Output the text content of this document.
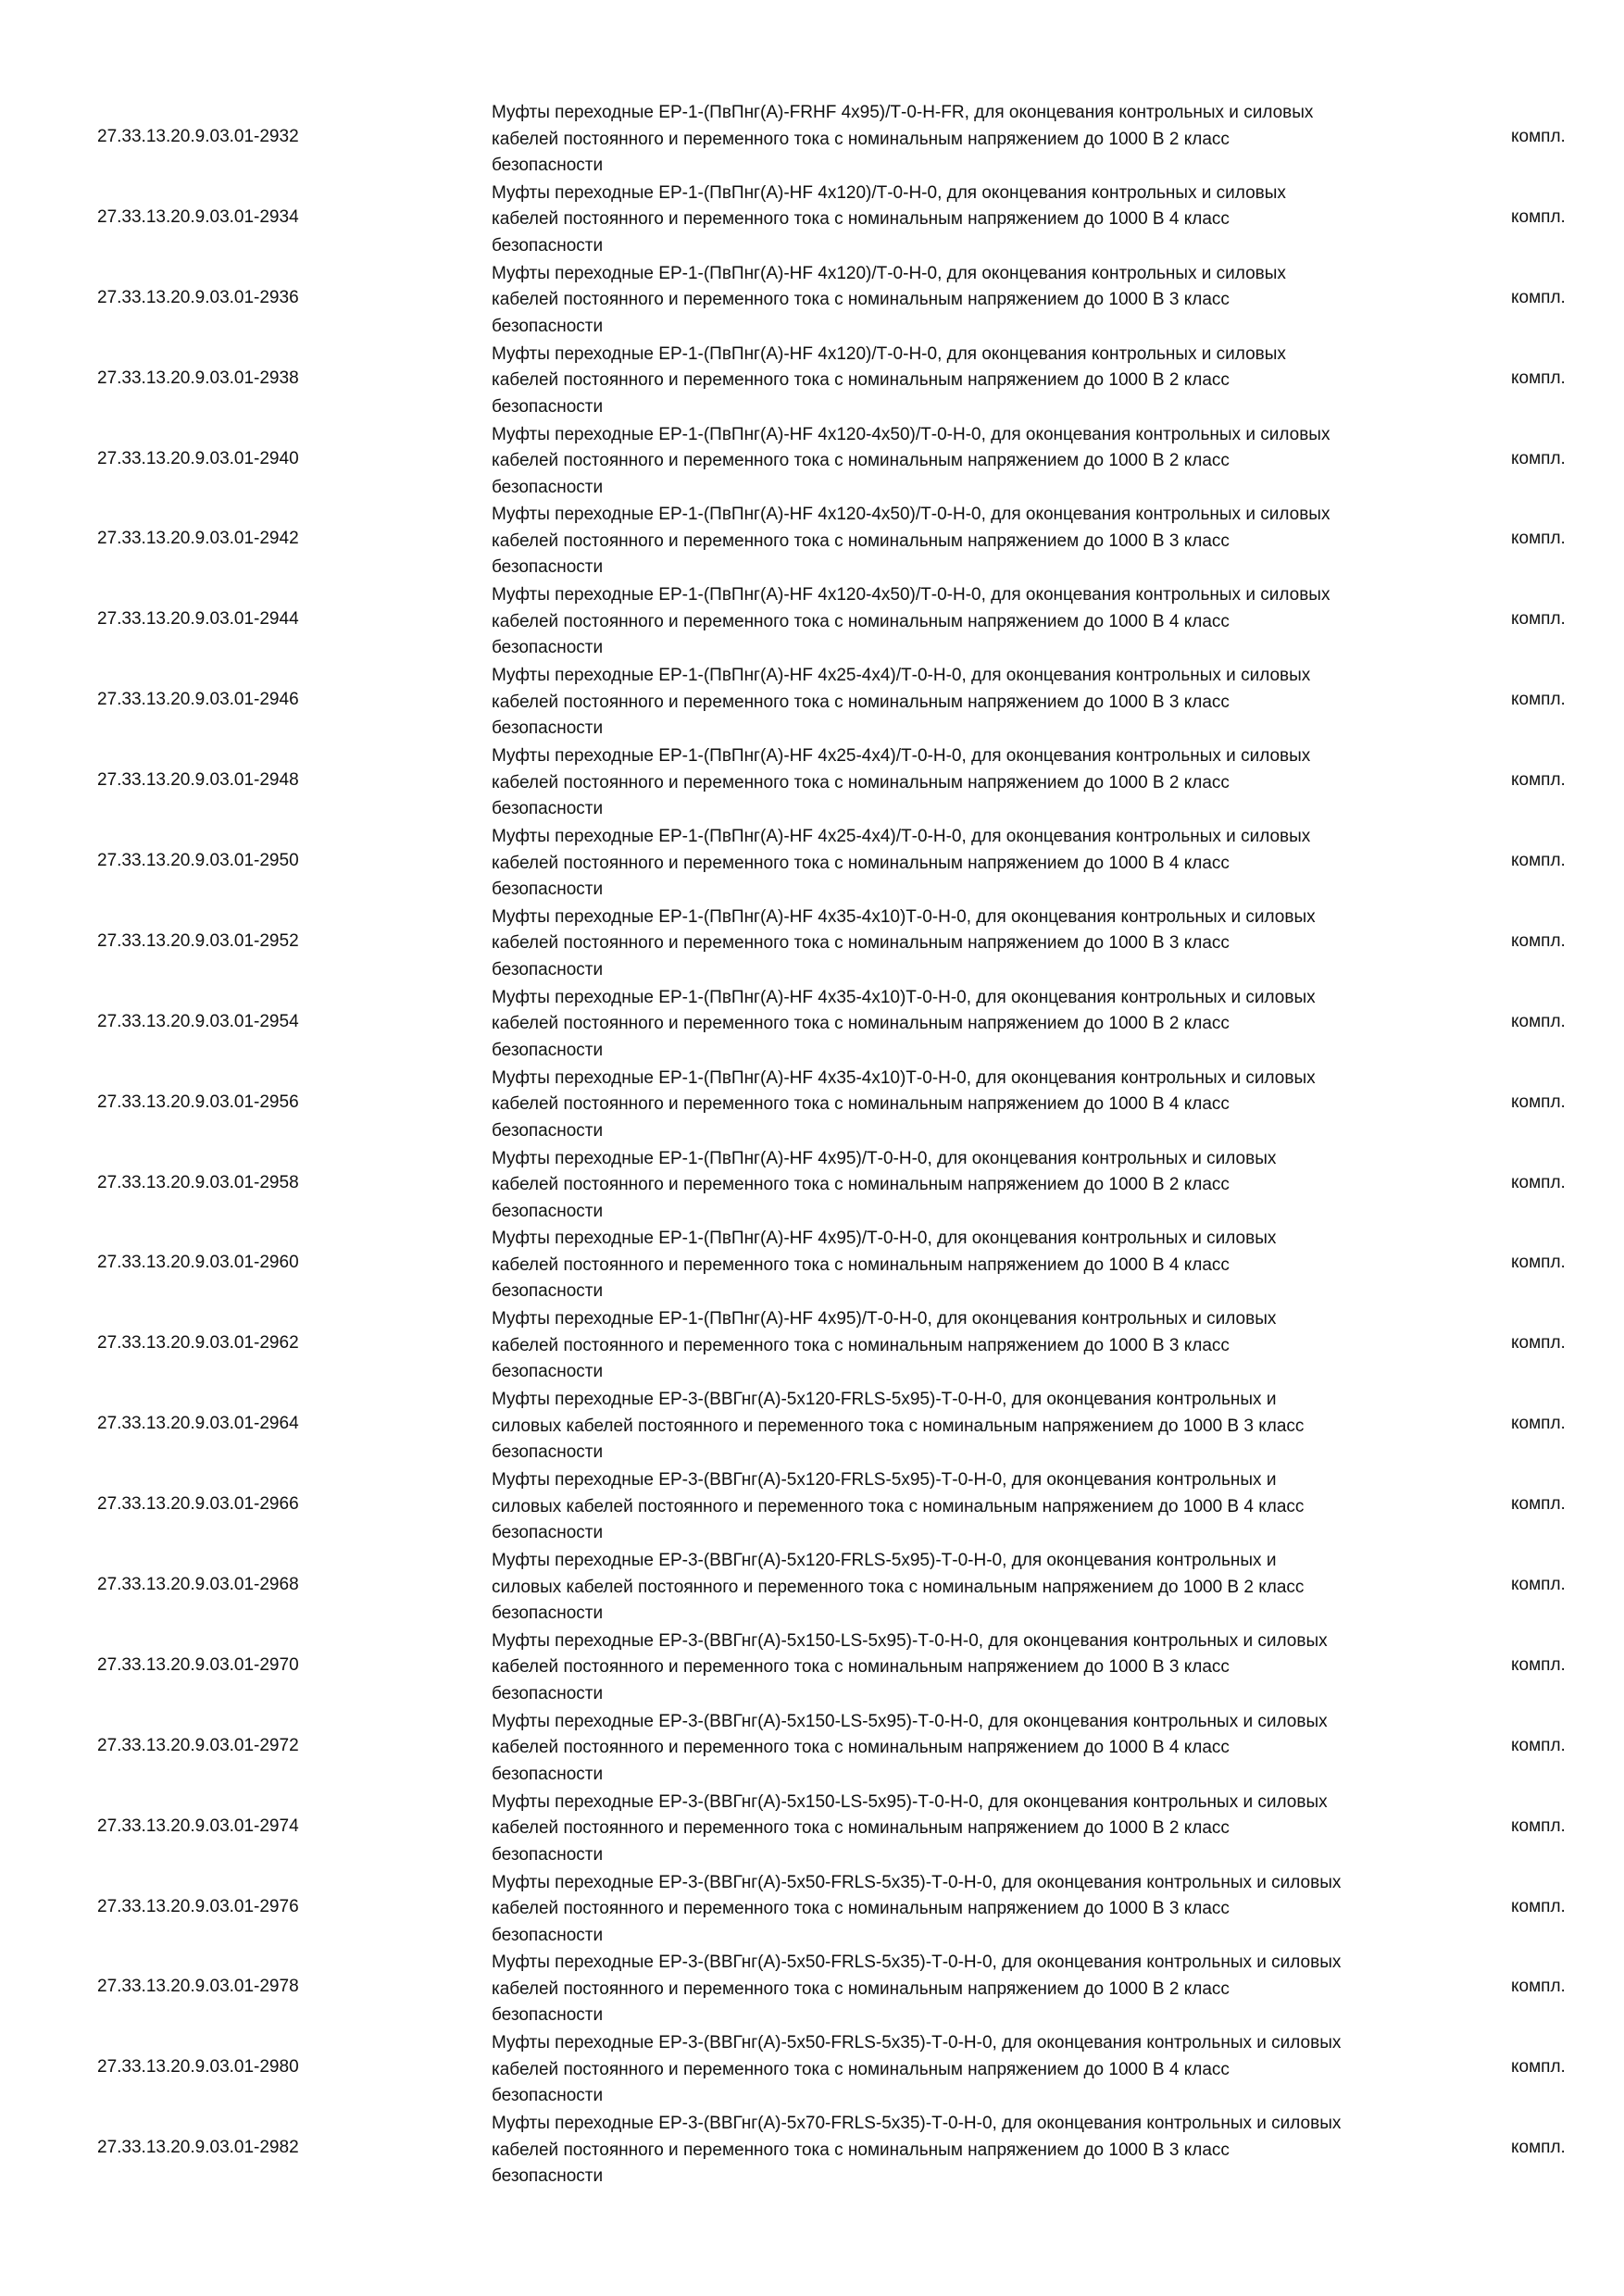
27.33.13.20.9.03.01-2932
Муфты переходные ЕР-1-(ПвПнг(А)-FRHF 4х95)/Т-0-Н-FR, для оконцевания контрольных и силовых
кабелей постоянного и переменного тока с номинальным напряжением до 1000 В 2 класс
безопасности
компл.
27.33.13.20.9.03.01-2934
Муфты переходные ЕР-1-(ПвПнг(А)-HF 4х120)/Т-0-Н-0, для оконцевания контрольных и силовых
кабелей постоянного и переменного тока с номинальным напряжением до 1000 В 4 класс
безопасности
компл.
27.33.13.20.9.03.01-2936
Муфты переходные ЕР-1-(ПвПнг(А)-HF 4х120)/Т-0-Н-0, для оконцевания контрольных и силовых
кабелей постоянного и переменного тока с номинальным напряжением до 1000 В 3 класс
безопасности
компл.
27.33.13.20.9.03.01-2938
Муфты переходные ЕР-1-(ПвПнг(А)-HF 4х120)/Т-0-Н-0, для оконцевания контрольных и силовых
кабелей постоянного и переменного тока с номинальным напряжением до 1000 В 2 класс
безопасности
компл.
27.33.13.20.9.03.01-2940
Муфты переходные ЕР-1-(ПвПнг(А)-HF 4х120-4х50)/Т-0-Н-0, для оконцевания контрольных и силовых
кабелей постоянного и переменного тока с номинальным напряжением до 1000 В 2 класс
безопасности
компл.
27.33.13.20.9.03.01-2942
Муфты переходные ЕР-1-(ПвПнг(А)-HF 4х120-4х50)/Т-0-Н-0, для оконцевания контрольных и силовых
кабелей постоянного и переменного тока с номинальным напряжением до 1000 В 3 класс
безопасности
компл.
27.33.13.20.9.03.01-2944
Муфты переходные ЕР-1-(ПвПнг(А)-HF 4х120-4х50)/Т-0-Н-0, для оконцевания контрольных и силовых
кабелей постоянного и переменного тока с номинальным напряжением до 1000 В 4 класс
безопасности
компл.
27.33.13.20.9.03.01-2946
Муфты переходные ЕР-1-(ПвПнг(А)-HF 4х25-4х4)/Т-0-Н-0, для оконцевания контрольных и силовых
кабелей постоянного и переменного тока с номинальным напряжением до 1000 В 3 класс
безопасности
компл.
27.33.13.20.9.03.01-2948
Муфты переходные ЕР-1-(ПвПнг(А)-HF 4х25-4х4)/Т-0-Н-0, для оконцевания контрольных и силовых
кабелей постоянного и переменного тока с номинальным напряжением до 1000 В 2 класс
безопасности
компл.
27.33.13.20.9.03.01-2950
Муфты переходные ЕР-1-(ПвПнг(А)-HF 4х25-4х4)/Т-0-Н-0, для оконцевания контрольных и силовых
кабелей постоянного и переменного тока с номинальным напряжением до 1000 В 4 класс
безопасности
компл.
27.33.13.20.9.03.01-2952
Муфты переходные ЕР-1-(ПвПнг(А)-HF 4х35-4х10)Т-0-Н-0, для оконцевания контрольных и силовых
кабелей постоянного и переменного тока с номинальным напряжением до 1000 В 3 класс
безопасности
компл.
27.33.13.20.9.03.01-2954
Муфты переходные ЕР-1-(ПвПнг(А)-HF 4х35-4х10)Т-0-Н-0, для оконцевания контрольных и силовых
кабелей постоянного и переменного тока с номинальным напряжением до 1000 В 2 класс
безопасности
компл.
27.33.13.20.9.03.01-2956
Муфты переходные ЕР-1-(ПвПнг(А)-HF 4х35-4х10)Т-0-Н-0, для оконцевания контрольных и силовых
кабелей постоянного и переменного тока с номинальным напряжением до 1000 В 4 класс
безопасности
компл.
27.33.13.20.9.03.01-2958
Муфты переходные ЕР-1-(ПвПнг(А)-HF 4х95)/Т-0-Н-0, для оконцевания контрольных и силовых
кабелей постоянного и переменного тока с номинальным напряжением до 1000 В 2 класс
безопасности
компл.
27.33.13.20.9.03.01-2960
Муфты переходные ЕР-1-(ПвПнг(А)-HF 4х95)/Т-0-Н-0, для оконцевания контрольных и силовых
кабелей постоянного и переменного тока с номинальным напряжением до 1000 В 4 класс
безопасности
компл.
27.33.13.20.9.03.01-2962
Муфты переходные ЕР-1-(ПвПнг(А)-HF 4х95)/Т-0-Н-0, для оконцевания контрольных и силовых
кабелей постоянного и переменного тока с номинальным напряжением до 1000 В 3 класс
безопасности
компл.
27.33.13.20.9.03.01-2964
Муфты переходные ЕР-3-(ВВГнг(А)-5х120-FRLS-5х95)-Т-0-Н-0, для оконцевания контрольных и
силовых кабелей постоянного и переменного тока с номинальным напряжением до 1000 В 3 класс
безопасности
компл.
27.33.13.20.9.03.01-2966
Муфты переходные ЕР-3-(ВВГнг(А)-5х120-FRLS-5х95)-Т-0-Н-0, для оконцевания контрольных и
силовых кабелей постоянного и переменного тока с номинальным напряжением до 1000 В 4 класс
безопасности
компл.
27.33.13.20.9.03.01-2968
Муфты переходные ЕР-3-(ВВГнг(А)-5х120-FRLS-5х95)-Т-0-Н-0, для оконцевания контрольных и
силовых кабелей постоянного и переменного тока с номинальным напряжением до 1000 В 2 класс
безопасности
компл.
27.33.13.20.9.03.01-2970
Муфты переходные ЕР-3-(ВВГнг(А)-5х150-LS-5х95)-Т-0-Н-0, для оконцевания контрольных и силовых
кабелей постоянного и переменного тока с номинальным напряжением до 1000 В 3 класс
безопасности
компл.
27.33.13.20.9.03.01-2972
Муфты переходные ЕР-3-(ВВГнг(А)-5х150-LS-5х95)-Т-0-Н-0, для оконцевания контрольных и силовых
кабелей постоянного и переменного тока с номинальным напряжением до 1000 В 4 класс
безопасности
компл.
27.33.13.20.9.03.01-2974
Муфты переходные ЕР-3-(ВВГнг(А)-5х150-LS-5х95)-Т-0-Н-0, для оконцевания контрольных и силовых
кабелей постоянного и переменного тока с номинальным напряжением до 1000 В 2 класс
безопасности
компл.
27.33.13.20.9.03.01-2976
Муфты переходные ЕР-3-(ВВГнг(А)-5х50-FRLS-5х35)-Т-0-Н-0, для оконцевания контрольных и силовых
кабелей постоянного и переменного тока с номинальным напряжением до 1000 В 3 класс
безопасности
компл.
27.33.13.20.9.03.01-2978
Муфты переходные ЕР-3-(ВВГнг(А)-5х50-FRLS-5х35)-Т-0-Н-0, для оконцевания контрольных и силовых
кабелей постоянного и переменного тока с номинальным напряжением до 1000 В 2 класс
безопасности
компл.
27.33.13.20.9.03.01-2980
Муфты переходные ЕР-3-(ВВГнг(А)-5х50-FRLS-5х35)-Т-0-Н-0, для оконцевания контрольных и силовых
кабелей постоянного и переменного тока с номинальным напряжением до 1000 В 4 класс
безопасности
компл.
27.33.13.20.9.03.01-2982
Муфты переходные ЕР-3-(ВВГнг(А)-5х70-FRLS-5х35)-Т-0-Н-0, для оконцевания контрольных и силовых
кабелей постоянного и переменного тока с номинальным напряжением до 1000 В 3 класс
безопасности
компл.
